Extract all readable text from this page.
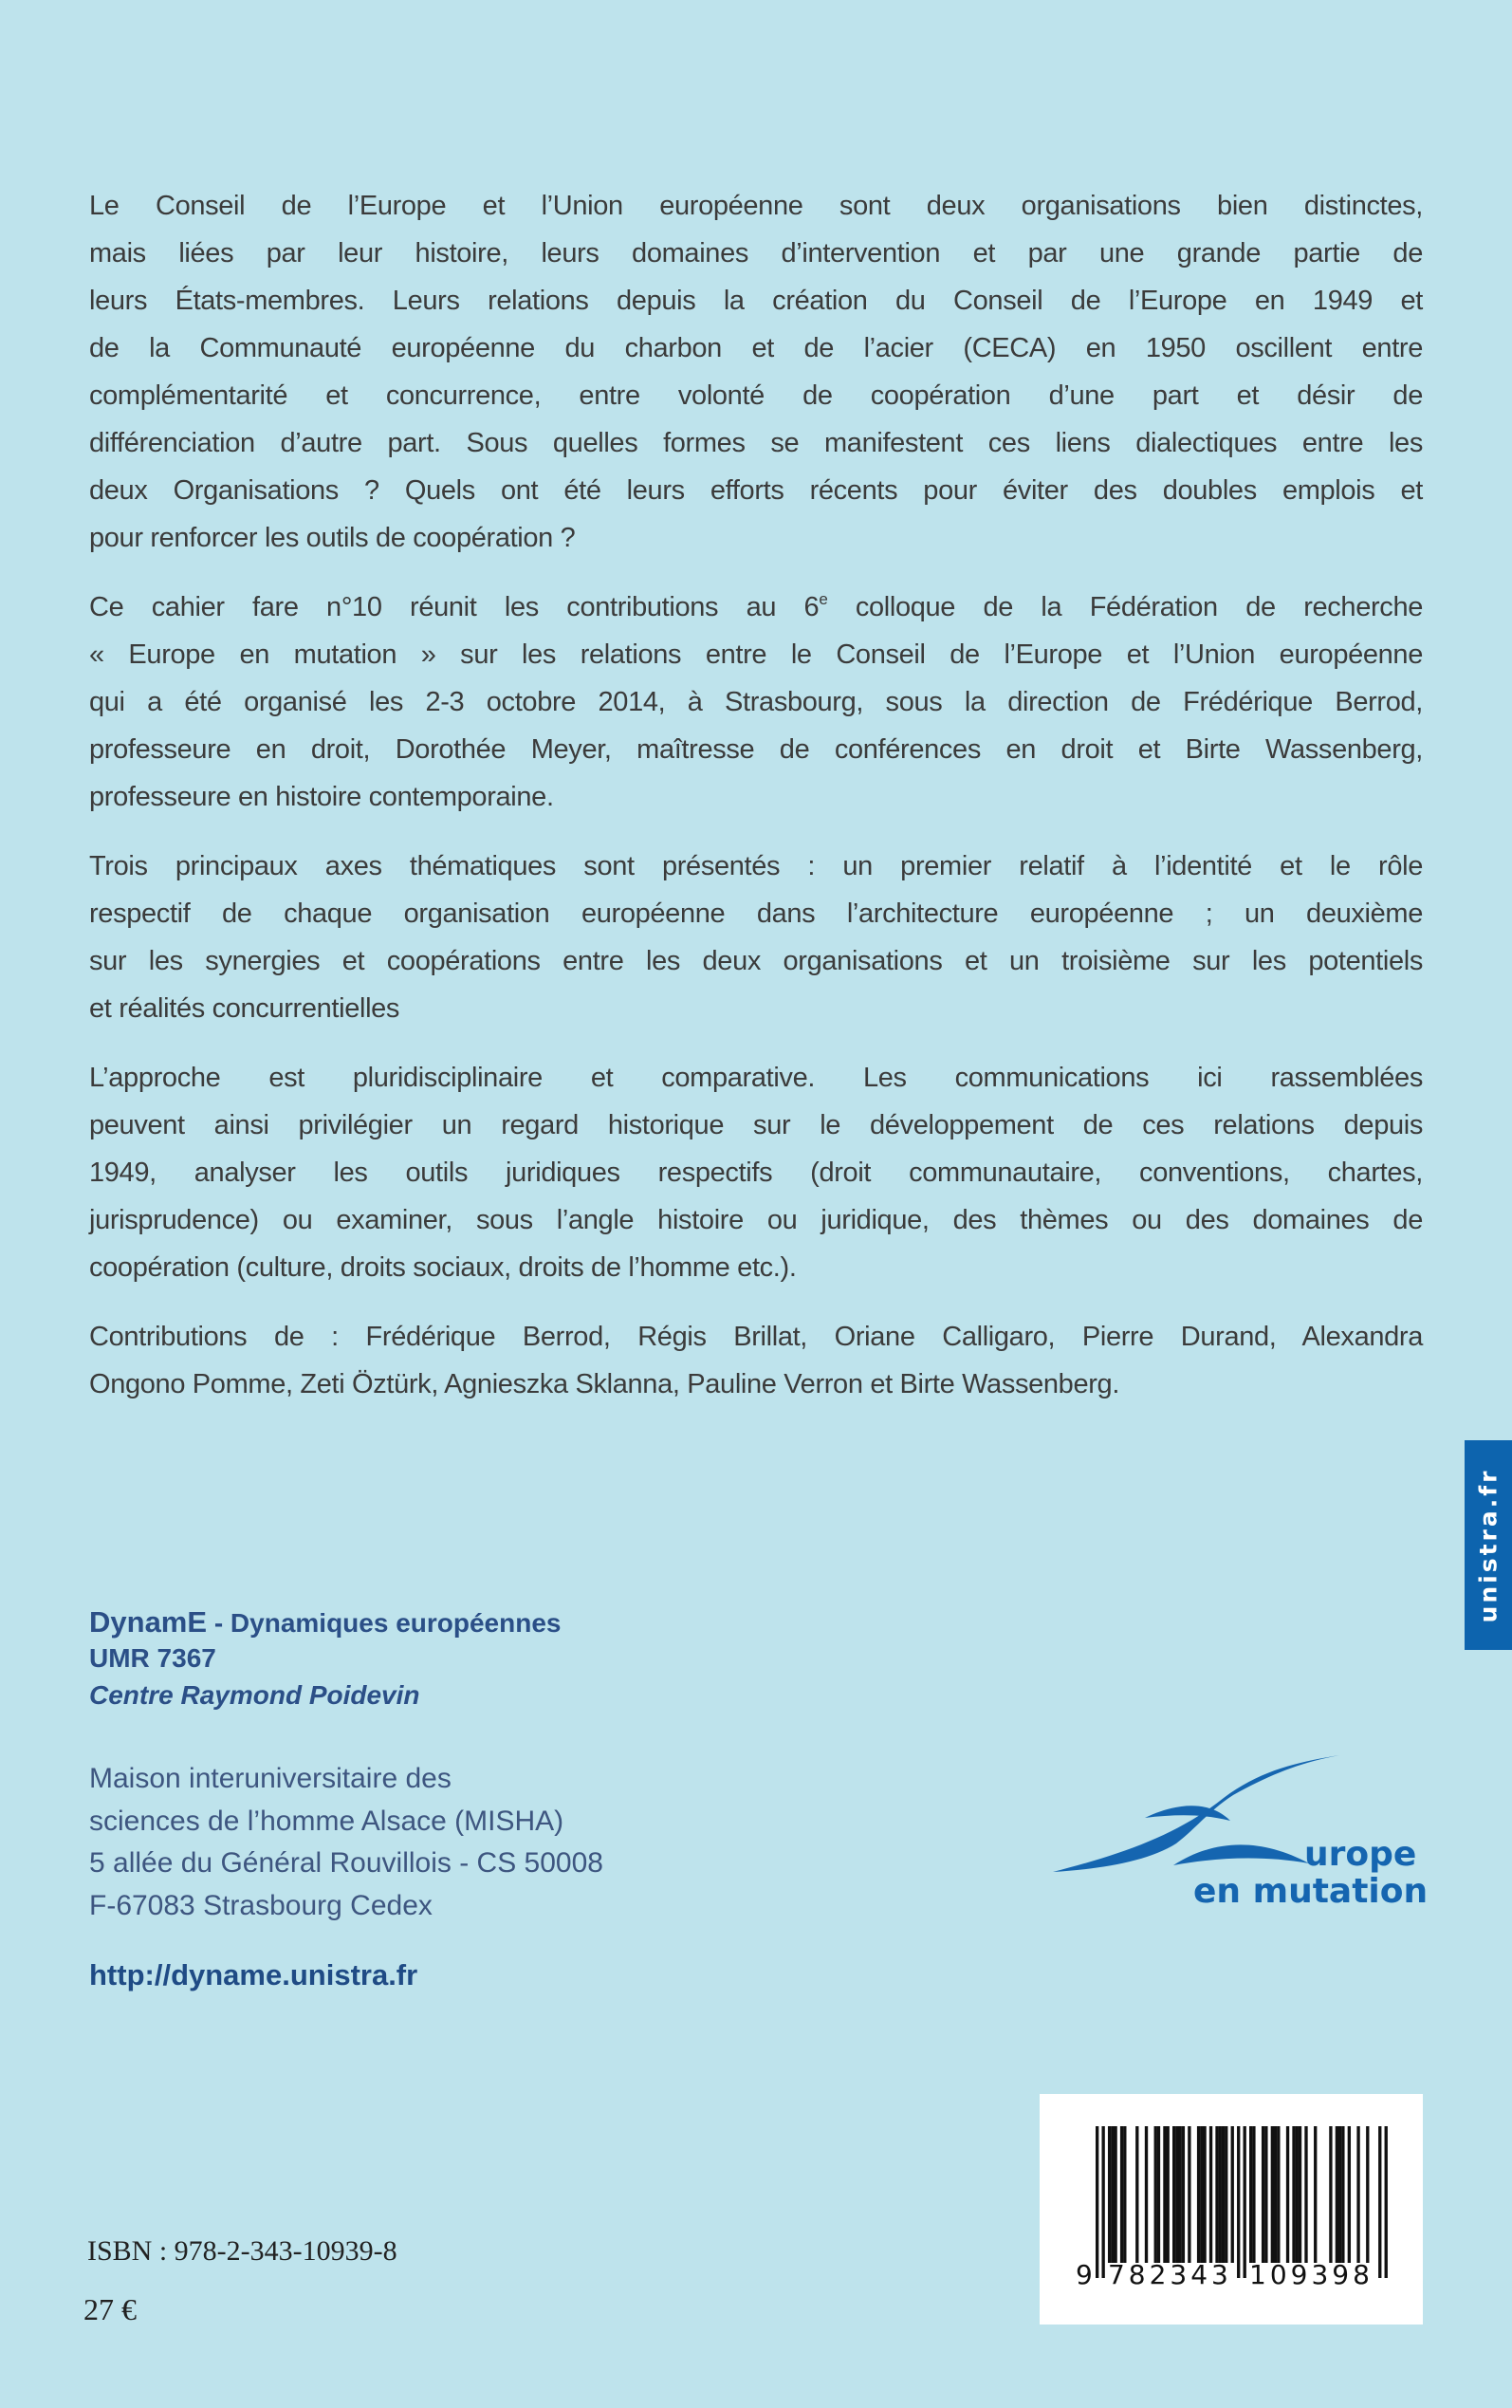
Le Conseil de l’Europe et l’Union européenne sont deux organisations bien distinctes,
mais liées par leur histoire, leurs domaines d’intervention et par une grande partie de
leurs États-membres. Leurs relations depuis la création du Conseil de l’Europe en 1949 et
de la Communauté européenne du charbon et de l’acier (CECA) en 1950 oscillent entre
complémentarité et concurrence, entre volonté de coopération d’une part et désir de
différenciation d’autre part. Sous quelles formes se manifestent ces liens dialectiques entre les
deux Organisations ? Quels ont été leurs efforts récents pour éviter des doubles emplois et
pour renforcer les outils de coopération ?
Ce cahier fare n°10 réunit les contributions au 6e colloque de la Fédération de recherche
« Europe en mutation » sur les relations entre le Conseil de l’Europe et l’Union européenne
qui a été organisé les 2-3 octobre 2014, à Strasbourg, sous la direction de Frédérique Berrod,
professeure en droit, Dorothée Meyer, maîtresse de conférences en droit et Birte Wassenberg,
professeure en histoire contemporaine.
Trois principaux axes thématiques sont présentés : un premier relatif à l’identité et le rôle
respectif de chaque organisation européenne dans l’architecture européenne ; un deuxième
sur les synergies et coopérations entre les deux organisations et un troisième sur les potentiels
et réalités concurrentielles
L’approche est pluridisciplinaire et comparative. Les communications ici rassemblées
peuvent ainsi privilégier un regard historique sur le développement de ces relations depuis
1949, analyser les outils juridiques respectifs (droit communautaire, conventions, chartes,
jurisprudence) ou examiner, sous l’angle histoire ou juridique, des thèmes ou des domaines de
coopération (culture, droits sociaux, droits de l’homme etc.).
Contributions de : Frédérique Berrod, Régis Brillat, Oriane Calligaro, Pierre Durand, Alexandra
Ongono Pomme, Zeti Öztürk, Agnieszka Sklanna, Pauline Verron et Birte Wassenberg.
DynamE - Dynamiques européennes
UMR 7367
Centre Raymond Poidevin
Maison interuniversitaire des
sciences de l’homme Alsace (MISHA)
5 allée du Général Rouvillois - CS 50008
F-67083 Strasbourg Cedex
http://dyname.unistra.fr
unistra.fr
urope
en mutation
9 782343 109398
ISBN : 978-2-343-10939-8
27 €
